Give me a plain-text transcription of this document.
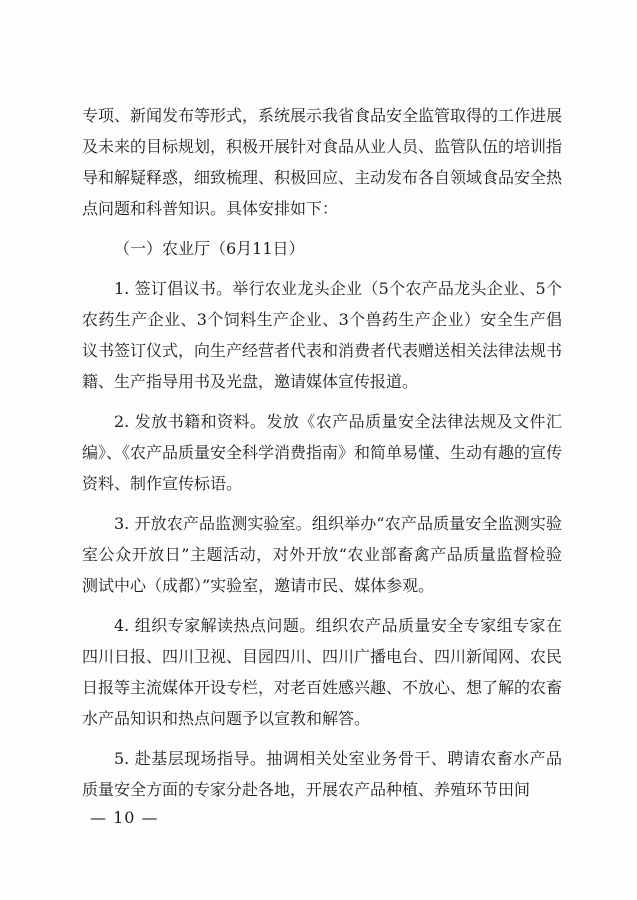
专项、新闻发布等形式，系统展示我省食品安全监管取得的工作进展及未来的目标规划，积极开展针对食品从业人员、监管队伍的培训指导和解疑释惑，细致梳理、积极回应、主动发布各自领域食品安全热点问题和科普知识。具体安排如下：

（一）农业厅（6月11日）

1. 签订倡议书。举行农业龙头企业（5个农产品龙头企业、5个农药生产企业、3个饲料生产企业、3个兽药生产企业）安全生产倡议书签订仪式，向生产经营者代表和消费者代表赠送相关法律法规书籍、生产指导用书及光盘，邀请媒体宣传报道。

2. 发放书籍和资料。发放《农产品质量安全法律法规及文件汇编》、《农产品质量安全科学消费指南》和简单易懂、生动有趣的宣传资料、制作宣传标语。

3. 开放农产品监测实验室。组织举办“农产品质量安全监测实验室公众开放日”主题活动，对外开放“农业部畜禽产品质量监督检验测试中心（成都）”实验室，邀请市民、媒体参观。

4. 组织专家解读热点问题。组织农产品质量安全专家组专家在四川日报、四川卫视、目园四川、四川广播电台、四川新闻网、农民日报等主流媒体开设专栏，对老百姓感兴趣、不放心、想了解的农畜水产品知识和热点问题予以宣教和解答。

5. 赴基层现场指导。抽调相关处室业务骨干、聘请农畜水产品质量安全方面的专家分赴各地，开展农产品种植、养殖环节田间

— 10 —
